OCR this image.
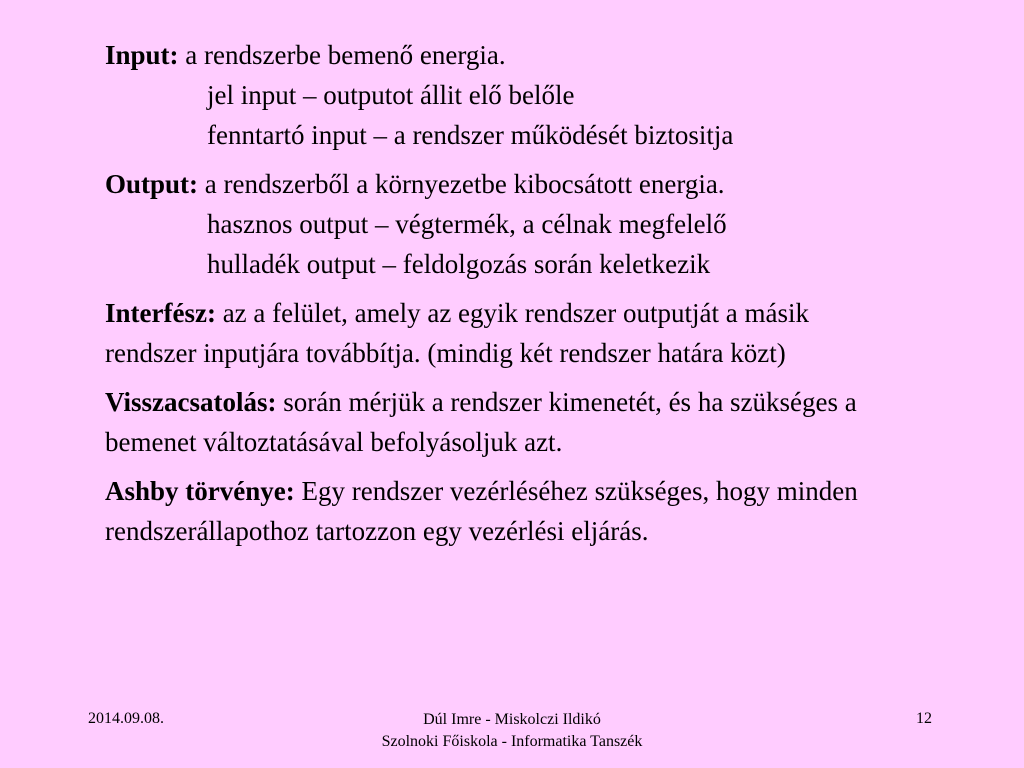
Input: a rendszerbe bemenő energia.
jel input – outputot állit elő belőle
fenntartó input – a rendszer működését biztositja
Output: a rendszerből a környezetbe kibocsátott energia.
hasznos output – végtermék, a célnak megfelelő
hulladék output – feldolgozás során keletkezik
Interfész: az a felület, amely az egyik rendszer outputját a másik rendszer inputjára továbbítja. (mindig két rendszer határa közt)
Visszacsatolás: során mérjük a rendszer kimenetét, és ha szükséges a bemenet változtatásával befolyásoljuk azt.
Ashby törvénye: Egy rendszer vezérléséhez szükséges, hogy minden rendszerállapothoz tartozzon egy vezérlési eljárás.
2014.09.08.	Dúl Imre - Miskolczi Ildikó
Szolnoki Főiskola - Informatika Tanszék
12
